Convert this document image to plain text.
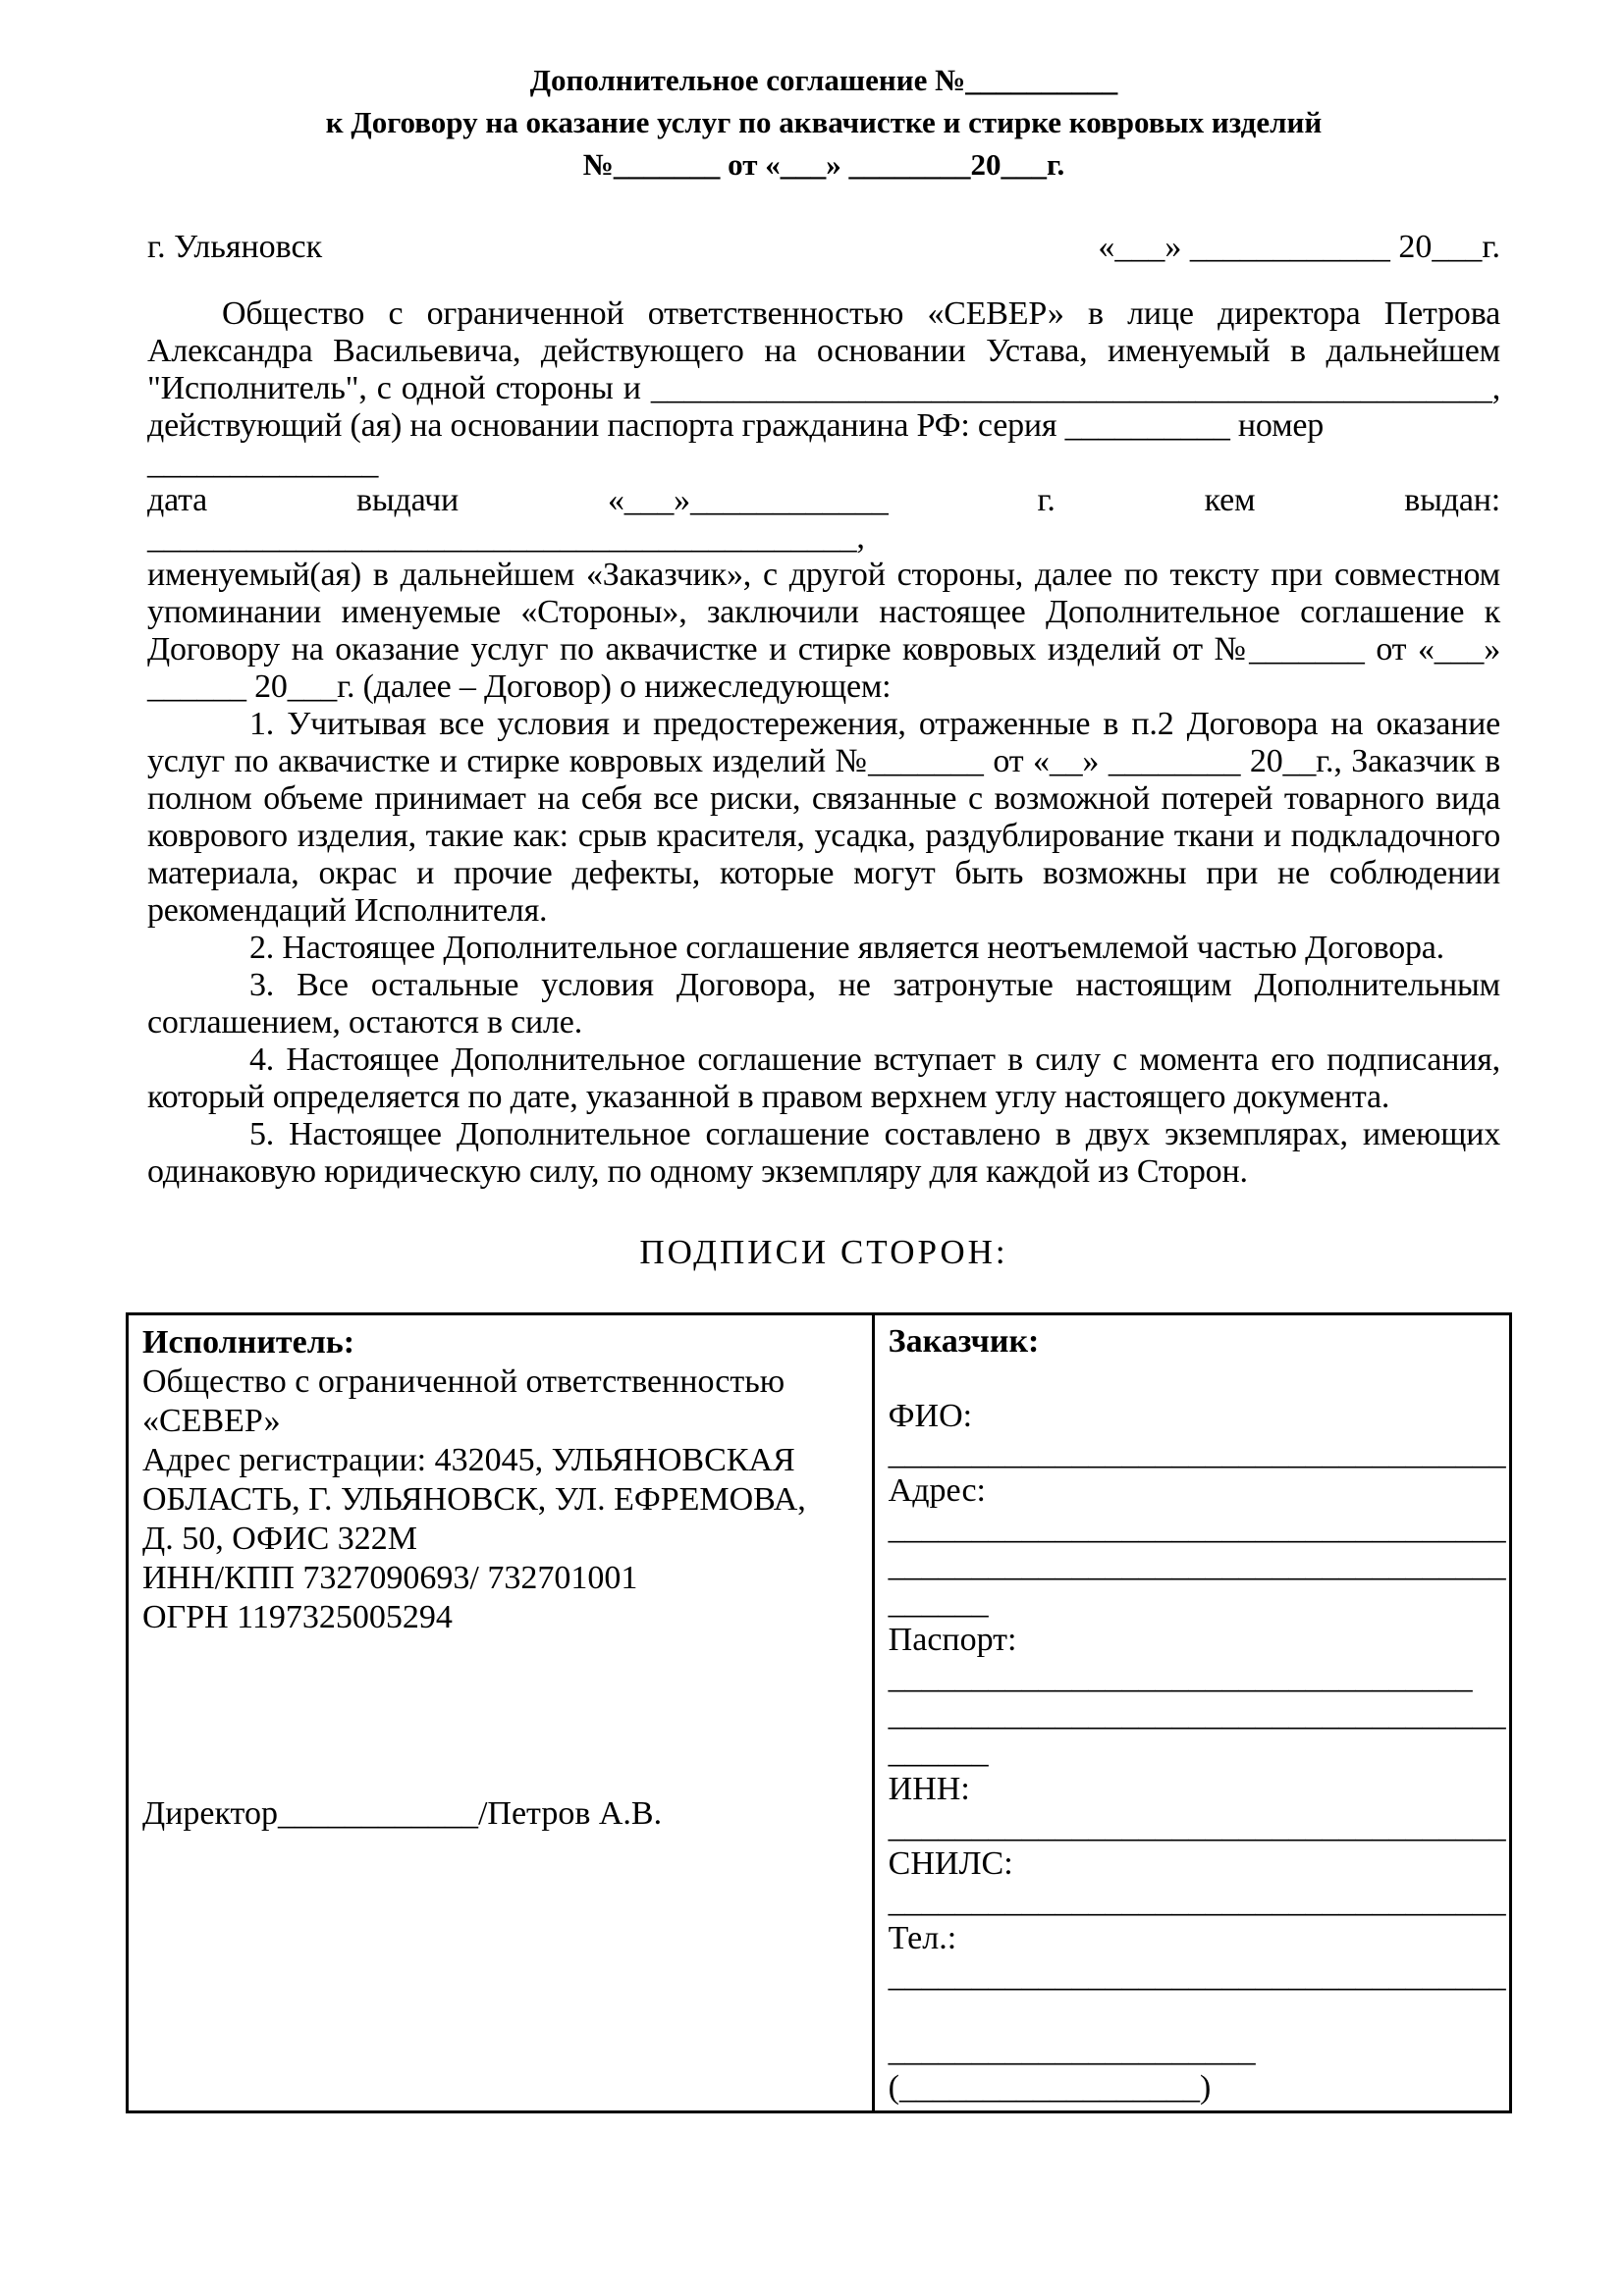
Дополнительное соглашение №__________
к Договору на оказание услуг по аквачистке и стирке ковровых изделий
№_______ от «___» ________20___г.
г. Ульяновск	«___» ____________ 20___г.
Общество с ограниченной ответственностью «СЕВЕР» в лице директора Петрова
Александра Васильевича, действующего на основании Устава, именуемый в дальнейшем
"Исполнитель", с одной стороны и ___________________________________________________,
действующий (ая) на основании паспорта гражданина РФ: серия __________ номер ______________
дата выдачи «___»____________ г. кем выдан: ___________________________________________,
именуемый(ая) в дальнейшем «Заказчик», с другой стороны, далее по тексту при совместном
упоминании именуемые «Стороны», заключили настоящее Дополнительное соглашение к
Договору на оказание услуг по аквачистке и стирке ковровых изделий от №_______ от «___»
______ 20___г. (далее – Договор) о нижеследующем:
1. Учитывая все условия и предостережения, отраженные в п.2 Договора на оказание
услуг по аквачистке и стирке ковровых изделий №_______ от «__» ________ 20__г., Заказчик в
полном объеме принимает на себя все риски, связанные с возможной потерей товарного вида
коврового изделия, такие как: срыв красителя, усадка, раздублирование ткани и подкладочного
материала, окрас и прочие дефекты, которые могут быть возможны при не соблюдении
рекомендаций Исполнителя.
2. Настоящее Дополнительное соглашение является неотъемлемой частью Договора.
3. Все остальные условия Договора, не затронутые настоящим Дополнительным
соглашением, остаются в силе.
4. Настоящее Дополнительное соглашение вступает в силу с момента его подписания,
который определяется по дате, указанной в правом верхнем углу настоящего документа.
5. Настоящее Дополнительное соглашение составлено в двух экземплярах, имеющих
одинаковую юридическую силу, по одному экземпляру для каждой из Сторон.
ПОДПИСИ СТОРОН:
Исполнитель:
Общество с ограниченной ответственностью
«СЕВЕР»
Адрес регистрации: 432045, УЛЬЯНОВСКАЯ
ОБЛАСТЬ, Г. УЛЬЯНОВСК, УЛ. ЕФРЕМОВА,
Д. 50, ОФИС 322М
ИНН/КПП 7327090693/ 732701001
ОГРН 1197325005294

Директор____________/Петров А.В.

Заказчик:

ФИО:
_____________________________________
Адрес:
_____________________________________
_____________________________________
______
Паспорт:
___________________________________
_____________________________________
______
ИНН:
_____________________________________
СНИЛС:
_____________________________________
Тел.:
_____________________________________

______________________
(__________________)
